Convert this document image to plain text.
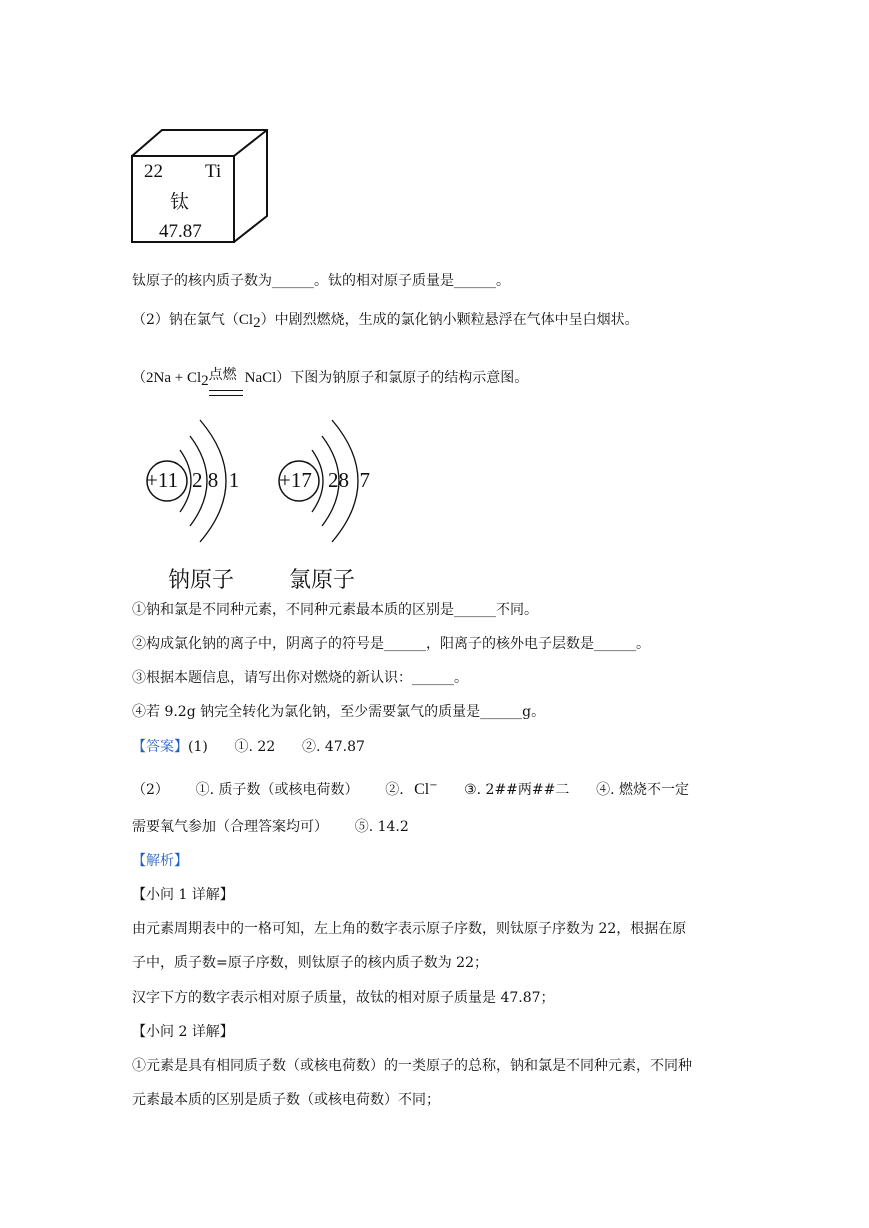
22 Ti
钛
47.87
钛原子的核内质子数为______。钛的相对原子质量是______。
（2）钠在氯气（Cl2）中剧烈燃烧，生成的氯化钠小颗粒悬浮在气体中呈白烟状。
（2Na + Cl2 点燃 NaCl）下图为钠原子和氯原子的结构示意图。
+11 2 8  1 +17 28  7
钠原子 氯原子
①钠和氯是不同种元素，不同种元素最本质的区别是______不同。
②构成氯化钠的离子中，阴离子的符号是______，阳离子的核外电子层数是______。
③根据本题信息，请写出你对燃烧的新认识：______。
④若 9.2g 钠完全转化为氯化钠，至少需要氯气的质量是______g。
【答案】(1)      ①. 22      ②. 47.87
（2）      ①. 质子数（或核电荷数）      ②. Cl− ③. 2##两##二      ④. 燃烧不一定
需要氧气参加（合理答案均可）      ⑤. 14.2
【解析】
【小问 1 详解】
由元素周期表中的一格可知，左上角的数字表示原子序数，则钛原子序数为 22，根据在原
子中，质子数=原子序数，则钛原子的核内质子数为 22；
汉字下方的数字表示相对原子质量，故钛的相对原子质量是 47.87；
【小问 2 详解】
①元素是具有相同质子数（或核电荷数）的一类原子的总称，钠和氯是不同种元素，不同种
元素最本质的区别是质子数（或核电荷数）不同；
